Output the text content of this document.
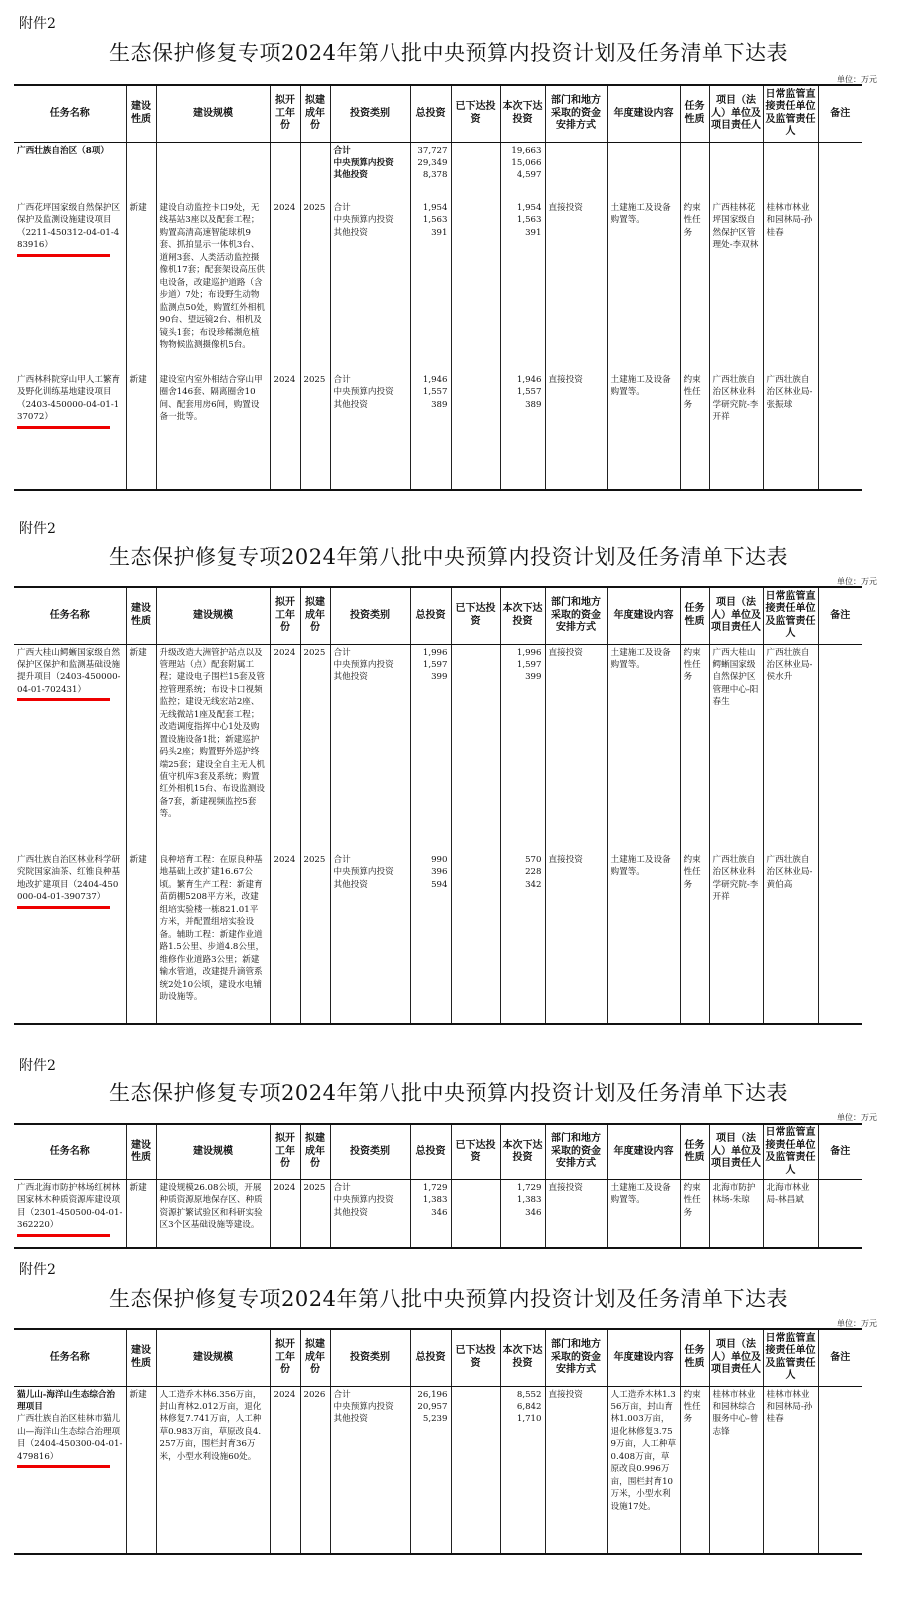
附件2
生态保护修复专项2024年第八批中央预算内投资计划及任务清单下达表
单位：万元
任务名称	建设性质	建设规模	拟开工年份	拟建成年份	投资类别	总投资	已下达投资	本次下达投资	部门和地方采取的资金安排方式	年度建设内容	任务性质	项目（法人）单位及项目责任人	日常监管直接责任单位及监管责任人	备注
广西壮族自治区（8项）					合计
中央预算内投资
其他投资	37,727
29,349
8,378		19,663
15,066
4,597						

广西花坪国家级自然保护区保护及监测设施建设项目（2211-450312-04-01-483916）	新建	建设自动监控卡口9处，无线基站3座以及配套工程；购置高清高速智能球机9套、抓拍显示一体机3台、道闸3套、人类活动监控摄像机17套；配套架设高压供电设备，改建巡护道路（含步道）7处；布设野生动物监测点50处，购置红外相机90台、望远镜2台、相机及镜头1套；布设珍稀濒危植物物候监测摄像机5台。	2024	2025	合计
中央预算内投资
其他投资	1,954
1,563
391		1,954
1,563
391	直接投资	土建施工及设备购置等。	约束性任务	广西桂林花坪国家级自然保护区管理处-李双林	桂林市林业和园林局-孙桂春	
广西林科院穿山甲人工繁育及野化训练基地建设项目（2403-450000-04-01-137072）	新建	建设室内室外相结合穿山甲圈舍146套、隔离圈舍10间、配套用房6间，购置设备一批等。	2024	2025	合计
中央预算内投资
其他投资	1,946
1,557
389		1,946
1,557
389	直接投资	土建施工及设备购置等。	约束性任务	广西壮族自治区林业科学研究院-李开祥	广西壮族自治区林业局-张振球	
附件2
生态保护修复专项2024年第八批中央预算内投资计划及任务清单下达表
单位：万元
任务名称	建设性质	建设规模	拟开工年份	拟建成年份	投资类别	总投资	已下达投资	本次下达投资	部门和地方采取的资金安排方式	年度建设内容	任务性质	项目（法人）单位及项目责任人	日常监管直接责任单位及监管责任人	备注
广西大桂山鳄蜥国家级自然保护区保护和监测基础设施提升项目（2403-450000-04-01-702431）	新建	升级改造大洲管护站点以及管理站（点）配套附属工程；建设电子围栏15套及管控管理系统；布设卡口视频监控；建设无线宏站2座、无线微站1座及配套工程；改造调度指挥中心1处及购置设施设备1批；新建巡护码头2座；购置野外巡护终端25套；建设全自主无人机值守机库3套及系统；购置红外相机15台、布设监测设备7套，新建视频监控5套等。	2024	2025	合计
中央预算内投资
其他投资	1,996
1,597
399		1,996
1,597
399	直接投资	土建施工及设备购置等。	约束性任务	广西大桂山鳄蜥国家级自然保护区管理中心-阳春生	广西壮族自治区林业局-侯水升	
广西壮族自治区林业科学研究院国家油茶、红锥良种基地改扩建项目（2404-450000-04-01-390737）	新建	良种培育工程：在原良种基地基础上改扩建16.67公顷。繁育生产工程：新建育苗荫棚5208平方米，改建组培实验楼一栋821.01平方米，并配置组培实验设备。辅助工程：新建作业道路1.5公里、步道4.8公里，维修作业道路3公里；新建输水管道，改建提升滴管系统2处10公顷，建设水电辅助设施等。	2024	2025	合计
中央预算内投资
其他投资	990
396
594		570
228
342	直接投资	土建施工及设备购置等。	约束性任务	广西壮族自治区林业科学研究院-李开祥	广西壮族自治区林业局-黄伯高	
附件2
生态保护修复专项2024年第八批中央预算内投资计划及任务清单下达表
单位：万元
任务名称	建设性质	建设规模	拟开工年份	拟建成年份	投资类别	总投资	已下达投资	本次下达投资	部门和地方采取的资金安排方式	年度建设内容	任务性质	项目（法人）单位及项目责任人	日常监管直接责任单位及监管责任人	备注
广西北海市防护林场红树林国家林木种质资源库建设项目（2301-450500-04-01-362220）	新建	建设规模26.08公顷，开展种质资源原地保存区、种质资源扩繁试验区和科研实验区3个区基础设施等建设。	2024	2025	合计
中央预算内投资
其他投资	1,729
1,383
346		1,729
1,383
346	直接投资	土建施工及设备购置等。	约束性任务	北海市防护林场-朱琼	北海市林业局-林昌斌	
附件2
生态保护修复专项2024年第八批中央预算内投资计划及任务清单下达表
单位：万元
任务名称	建设性质	建设规模	拟开工年份	拟建成年份	投资类别	总投资	已下达投资	本次下达投资	部门和地方采取的资金安排方式	年度建设内容	任务性质	项目（法人）单位及项目责任人	日常监管直接责任单位及监管责任人	备注

猫儿山-海洋山生态综合治理项目
广西壮族自治区桂林市猫儿山—海洋山生态综合治理项目（2404-450300-04-01-479816）	新建	人工造乔木林6.356万亩，封山育林2.012万亩，退化林修复7.741万亩，人工种草0.983万亩，草原改良4.257万亩，围栏封育36万米，小型水利设施60处。	2024	2026	合计
中央预算内投资
其他投资	26,196
20,957
5,239		8,552
6,842
1,710	直接投资	人工造乔木林1.356万亩，封山育林1.003万亩，退化林修复3.759万亩，人工种草0.408万亩，草原改良0.996万亩，围栏封育10万米，小型水利设施17处。	约束性任务	桂林市林业和园林综合服务中心-曾志锋	桂林市林业和园林局-孙桂春	
